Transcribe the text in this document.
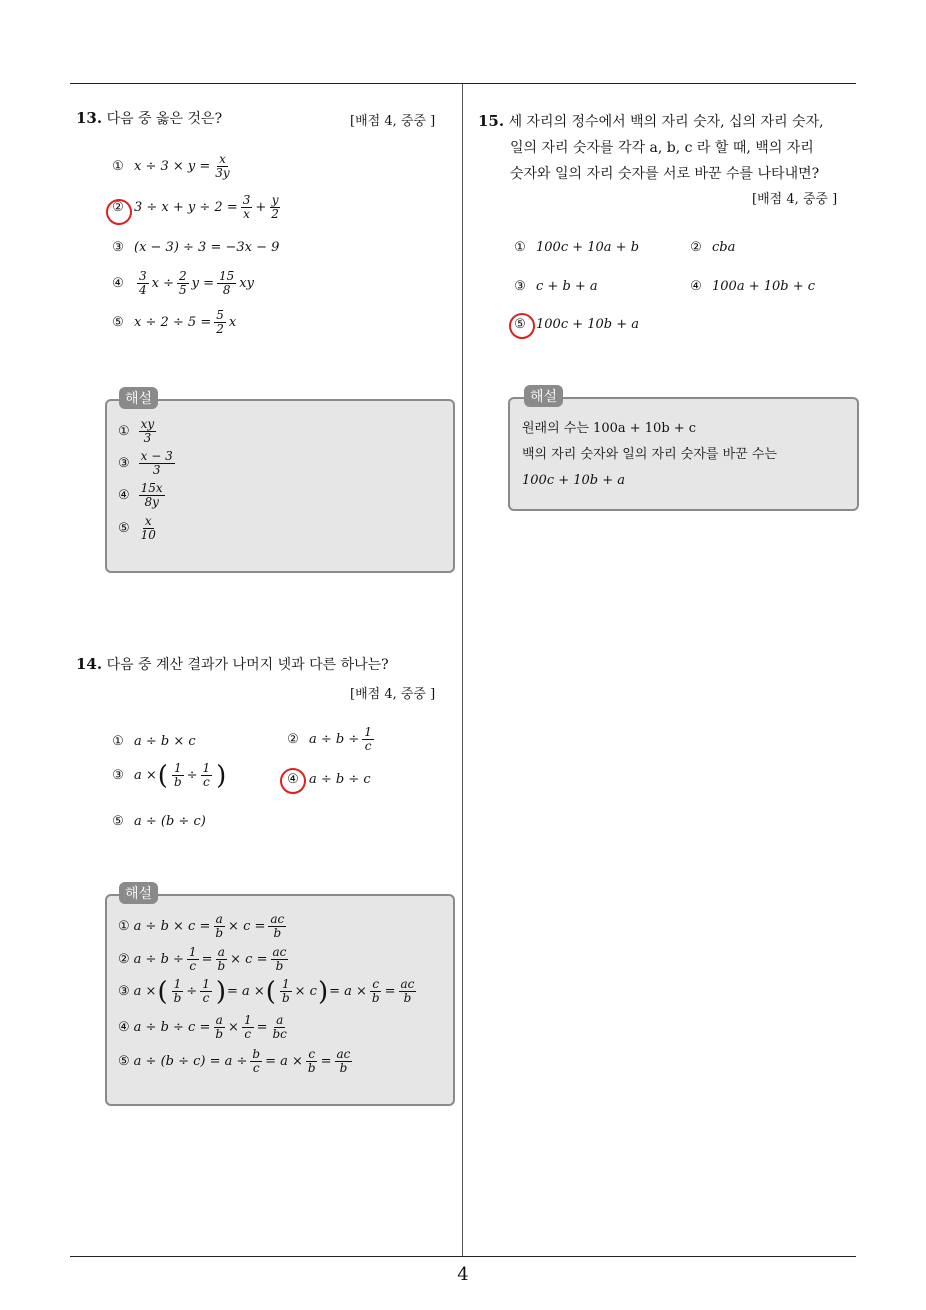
13. 다음 중 옳은 것은?	[배점 4, 중중 ]
① $x \div 3 \times y = \frac{x}{3y}$
② $3 \div x + y \div 2 = \frac{3}{x} + \frac{y}{2}$
③ (x − 3) ÷ 3 = −3x − 9
④ $\frac{3}{4}$ $x \div \frac{2}{5}$ $y = \frac{15}{8}$ xy
⑤ $x \div 2 \div 5 = \frac{5}{2}$ x
해설
① $\frac{xy}{3}$
③ $\frac{x - 3}{3}$
④ $\frac{15x}{8y}$
⑤ $\frac{x}{10}$
14. 다음 중 계산 결과가 나머지 넷과 다른 하나는?
[배점 4, 중중 ]
① a ÷ b × c	② $a \div b \div \frac{1}{c}$
③ a × ( $\frac{1}{b} \div \frac{1}{c}$ )	④ a ÷ b ÷ c
⑤ a ÷ (b ÷ c)
해설
① $a \div b \times c = \frac{a}{b} \times c = \frac{ac}{b}$
② $a \div b \div \frac{1}{c} = \frac{a}{b} \times c = \frac{ac}{b}$
③ a × ( $\frac{1}{b} \div \frac{1}{c}$ ) = a × ( $\frac{1}{b} \times c$ ) = $a \times \frac{c}{b} = \frac{ac}{b}$
④ $a \div b \div c = \frac{a}{b} \times \frac{1}{c} = \frac{a}{bc}$
⑤ $a \div (b \div c) = a \div \frac{b}{c} = a \times \frac{c}{b} = \frac{ac}{b}$
15. 세 자리의 정수에서 백의 자리 숫자, 십의 자리 숫자,
일의 자리 숫자를 각각 a, b, c 라 할 때, 백의 자리
숫자와 일의 자리 숫자를 서로 바꾼 수를 나타내면?
[배점 4, 중중 ]
① 100c + 10a + b	② cba
③ c + b + a	④ 100a + 10b + c
⑤ 100c + 10b + a
해설
원래의 수는 100a + 10b + c
백의 자리 숫자와 일의 자리 숫자를 바꾼 수는
100c + 10b + a
4
